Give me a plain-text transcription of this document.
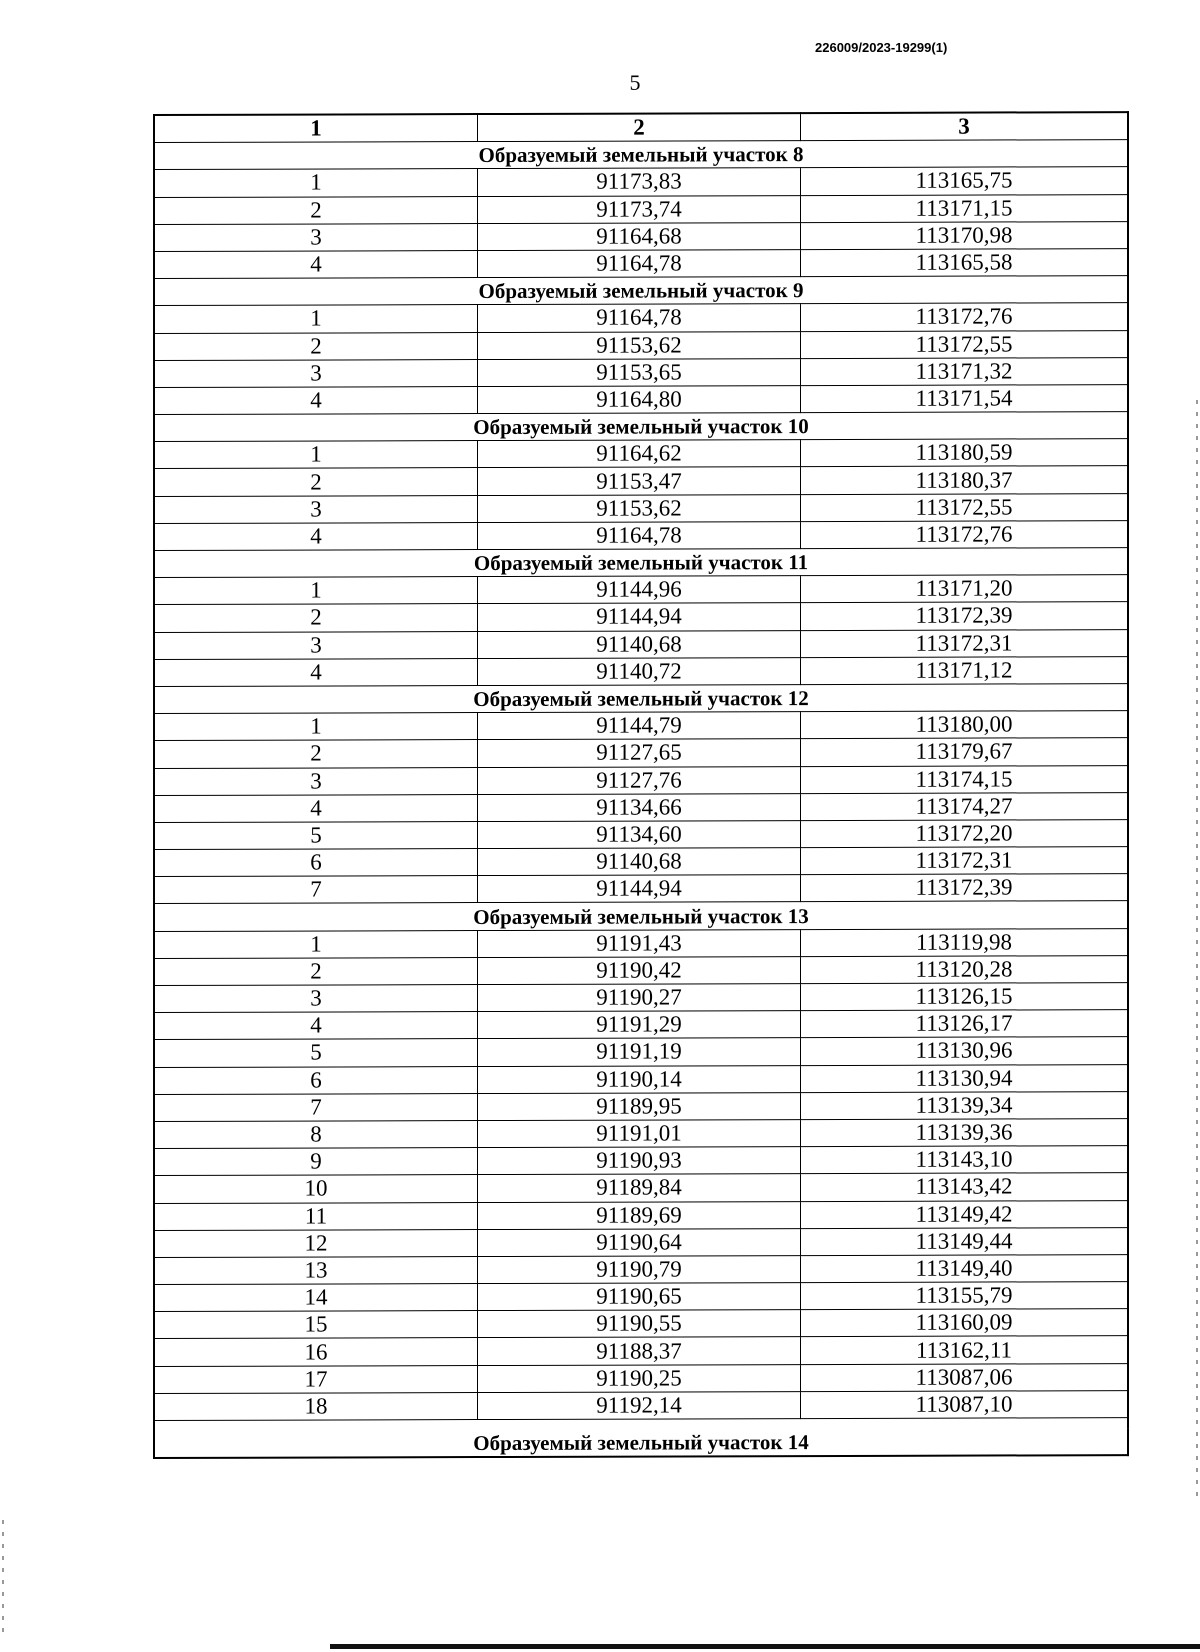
226009/2023-19299(1)
5
1	2	3
Образуемый земельный участок 8		
1	91173,83	113165,75
2	91173,74	113171,15
3	91164,68	113170,98
4	91164,78	113165,58
Образуемый земельный участок 9		
1	91164,78	113172,76
2	91153,62	113172,55
3	91153,65	113171,32
4	91164,80	113171,54
Образуемый земельный участок 10		
1	91164,62	113180,59
2	91153,47	113180,37
3	91153,62	113172,55
4	91164,78	113172,76
Образуемый земельный участок 11		
1	91144,96	113171,20
2	91144,94	113172,39
3	91140,68	113172,31
4	91140,72	113171,12
Образуемый земельный участок 12		
1	91144,79	113180,00
2	91127,65	113179,67
3	91127,76	113174,15
4	91134,66	113174,27
5	91134,60	113172,20
6	91140,68	113172,31
7	91144,94	113172,39
Образуемый земельный участок 13		
1	91191,43	113119,98
2	91190,42	113120,28
3	91190,27	113126,15
4	91191,29	113126,17
5	91191,19	113130,96
6	91190,14	113130,94
7	91189,95	113139,34
8	91191,01	113139,36
9	91190,93	113143,10
10	91189,84	113143,42
11	91189,69	113149,42
12	91190,64	113149,44
13	91190,79	113149,40
14	91190,65	113155,79
15	91190,55	113160,09
16	91188,37	113162,11
17	91190,25	113087,06
18	91192,14	113087,10

Образуемый земельный участок 14		
